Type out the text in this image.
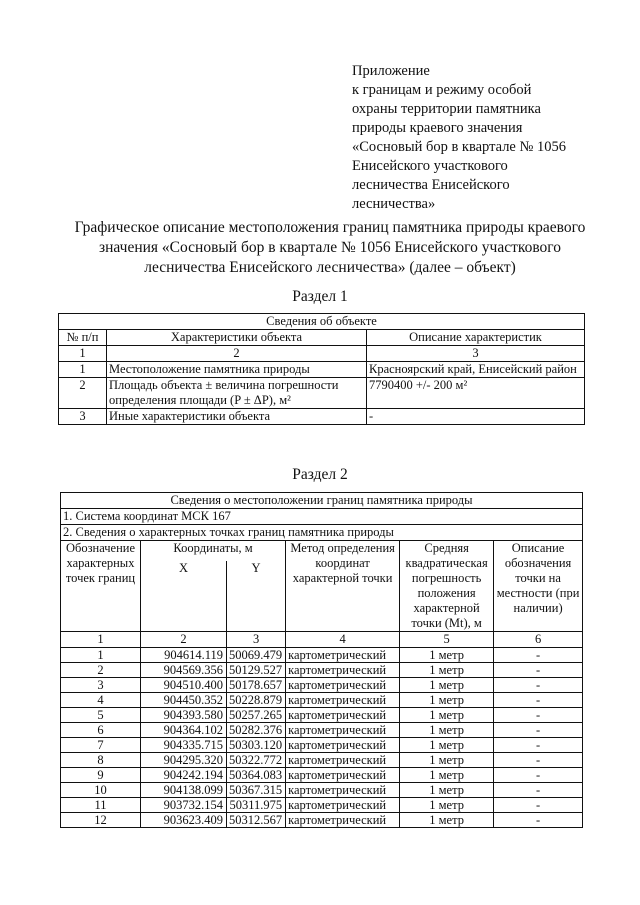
Приложение
к границам и режиму особой
охраны территории памятника
природы краевого значения
«Сосновый бор в квартале № 1056
Енисейского участкового
лесничества Енисейского
лесничества»
Графическое описание местоположения границ памятника природы краевого
значения «Сосновый бор в квартале № 1056 Енисейского участкового
лесничества Енисейского лесничества» (далее – объект)
Раздел 1
Сведения об объекте		
№ п/п	Характеристики объекта	Описание характеристик
1	2	3
1	Местоположение памятника природы	Красноярский край, Енисейский район
2	Площадь объекта ± величина погрешности определения площади (P ± ΔP), м²	7790400 +/- 200 м²
3	Иные характеристики объекта	-
Раздел 2
Сведения о местоположении границ памятника природы					
1. Система координат МСК 167					
2. Сведения о характерных точках границ памятника природы					
Обозначение характерных точек границ	Координаты, м		Метод определения координат характерной точки	Средняя квадратическая погрешность положения характерной точки (Mt), м	Описание обозначения точки на местности (при наличии)
	X	Y			
1	2	3	4	5	6
1	904614.119	50069.479	картометрический	1 метр	-
2	904569.356	50129.527	картометрический	1 метр	-
3	904510.400	50178.657	картометрический	1 метр	-
4	904450.352	50228.879	картометрический	1 метр	-
5	904393.580	50257.265	картометрический	1 метр	-
6	904364.102	50282.376	картометрический	1 метр	-
7	904335.715	50303.120	картометрический	1 метр	-
8	904295.320	50322.772	картометрический	1 метр	-
9	904242.194	50364.083	картометрический	1 метр	-
10	904138.099	50367.315	картометрический	1 метр	-
11	903732.154	50311.975	картометрический	1 метр	-
12	903623.409	50312.567	картометрический	1 метр	-
